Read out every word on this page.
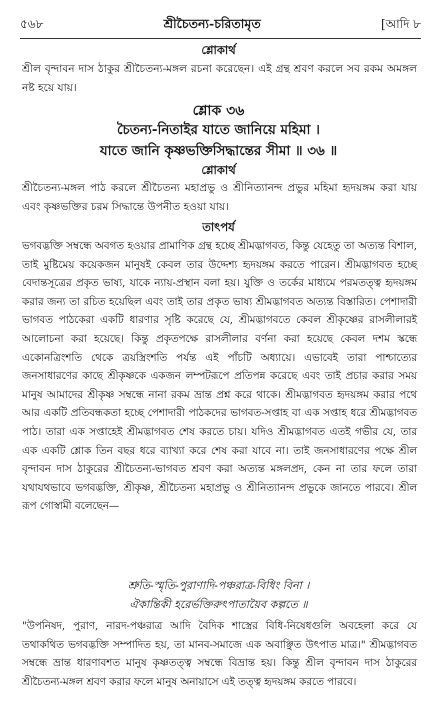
৫৬৮	শ্রীচৈতন্য-চরিতামৃত	[আদি ৮
শ্লোকার্থ

শ্রীল বৃন্দাবন দাস ঠাকুর শ্রীচৈতন্য-মঙ্গল রচনা করেছেন। এই গ্রন্থ শ্রবণ করলে সব রকম অমঙ্গল নষ্ট হয়ে যায়।

শ্লোক ৩৬
চৈতন্য-নিতাইর যাতে জানিয়ে মহিমা ।
যাতে জানি কৃষ্ণভক্তিসিদ্ধান্তের সীমা ॥ ৩৬ ॥
শ্লোকার্থ

শ্রীচৈতন্য-মঙ্গল পাঠ করলে শ্রীচৈতন্য মহাপ্রভু ও শ্রীনিত্যানন্দ প্রভুর মহিমা হৃদয়ঙ্গম করা যায় এবং কৃষ্ণভক্তির চরম সিদ্ধান্তে উপনীত হওয়া যায়।

তাৎপর্য

ভগবদ্ভক্তি সম্বন্ধে অবগত হওয়ার প্রামাণিক গ্রন্থ হচ্ছে শ্রীমদ্ভাগবত, কিন্তু যেহেতু তা অত্যন্ত বিশাল, তাই মুষ্টিমেয় কয়েকজন মানুষই কেবল তার উদ্দেশ্য হৃদয়ঙ্গম করতে পারেন। শ্রীমদ্ভাগবত হচ্ছে বেদান্তসূত্রের প্রকৃত ভাষ্য, যাকে ন্যায়-প্রস্থান বলা হয়। যুক্তি ও তর্কের মাধ্যমে পরমতত্ত্ব হৃদয়ঙ্গম করার জন্য তা রচিত হয়েছিল এবং তাই তার প্রকৃত ভাষ্য শ্রীমদ্ভাগবত অত্যন্ত বিস্তারিত। পেশাদারী ভাগবত পাঠকেরা একটি ধারণার সৃষ্টি করেছে যে, শ্রীমদ্ভাগবতে কেবল শ্রীকৃষ্ণের রাসলীলারই আলোচনা করা হয়েছে। কিন্তু প্রকৃতপক্ষে রাসলীলার বর্ণনা করা হয়েছে কেবল দশম স্কন্ধে একোনত্রিংশতি থেকে ত্রয়স্ত্রিংশতি পর্যন্ত এই পাঁচটি অধ্যায়ে। এভাবেই তারা পাশ্চাত্যের জনসাধারণের কাছে শ্রীকৃষ্ণকে একজন লম্পটরূপে প্রতিপন্ন করেছে এবং তাই প্রচার করার সময় মানুষ আমাদের শ্রীকৃষ্ণ সম্বন্ধে নানা রকম ভ্রান্ত প্রশ্ন করে থাকে। শ্রীমদ্ভাগবত হৃদয়ঙ্গম করার পথে আর একটি প্রতিবন্ধকতা হচ্ছে পেশাদারী পাঠকদের ভাগবত-সপ্তাহ বা এক সপ্তাহ ধরে শ্রীমদ্ভাগবত পাঠ। তারা এক সপ্তাহেই শ্রীমদ্ভাগবত শেষ করতে চায়। যদিও শ্রীমদ্ভাগবত এতই গভীর যে, তার এক একটি শ্লোক তিন বছর ধরে ব্যাখ্যা করে শেষ করা যাবে না। তাই জনসাধারণের পক্ষে শ্রীল বৃন্দাবন দাস ঠাকুরের শ্রীচৈতন্য-ভাগবত শ্রবণ করা অত্যন্ত মঙ্গলপ্রদ, কেন না তার ফলে তারা যথাযথভাবে ভগবদ্ভক্তি, শ্রীকৃষ্ণ, শ্রীচৈতন্য মহাপ্রভু ও শ্রীনিত্যানন্দ প্রভুকে জানতে পারবে। শ্রীল রূপ গোস্বামী বলেছেন—

শ্রুতি-স্মৃতি-পুরাণাদি-পঞ্চরাত্র-বিধিং বিনা ।
ঐকান্তিকী হরের্ভক্তিরুৎপাতায়ৈব কল্পতে ॥

"উপনিষদ, পুরাণ, নারদ-পঞ্চরাত্র আদি বৈদিক শাস্ত্রের বিধি-নিষেধগুলি অবহেলা করে যে তথাকথিত ভগবদ্ভক্তি সম্পাদিত হয়, তা মানব-সমাজে এক অবাঞ্ছিত উৎপাত মাত্র।" শ্রীমদ্ভাগবত সম্বন্ধে ভ্রান্ত ধারণাবশত মানুষ কৃষ্ণতত্ত্ব সম্বন্ধে বিভ্রান্ত হয়। কিন্তু শ্রীল বৃন্দাবন দাস ঠাকুরের শ্রীচৈতন্য-মঙ্গল শ্রবণ করার ফলে মানুষ অনায়াসে এই তত্ত্ব হৃদয়ঙ্গম করতে পারবে।
